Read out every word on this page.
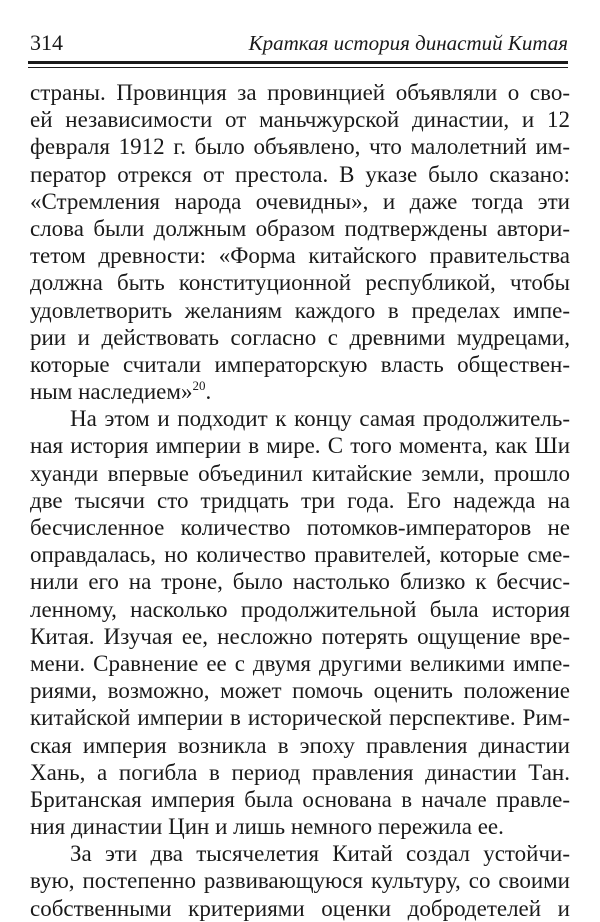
314	Краткая история династий Китая
страны. Провинция за провинцией объявляли о сво-
ей независимости от маньчжурской династии, и 12
февраля 1912 г. было объявлено, что малолетний им-
ператор отрекся от престола. В указе было сказано:
«Стремления народа очевидны», и даже тогда эти
слова были должным образом подтверждены автори-
тетом древности: «Форма китайского правительства
должна быть конституционной республикой, чтобы
удовлетворить желаниям каждого в пределах импе-
рии и действовать согласно с древними мудрецами,
которые считали императорскую власть обществен-
ным наследием»$^{20}$.
На этом и подходит к концу самая продолжитель-
ная история империи в мире. С того момента, как Ши
хуанди впервые объединил китайские земли, прошло
две тысячи сто тридцать три года. Его надежда на
бесчисленное количество потомков-императоров не
оправдалась, но количество правителей, которые сме-
нили его на троне, было настолько близко к бесчис-
ленному, насколько продолжительной была история
Китая. Изучая ее, несложно потерять ощущение вре-
мени. Сравнение ее с двумя другими великими импе-
риями, возможно, может помочь оценить положение
китайской империи в исторической перспективе. Рим-
ская империя возникла в эпоху правления династии
Хань, а погибла в период правления династии Тан.
Британская империя была основана в начале правле-
ния династии Цин и лишь немного пережила ее.
За эти два тысячелетия Китай создал устойчи-
вую, постепенно развивающуюся культуру, со своими
собственными критериями оценки добродетелей и
